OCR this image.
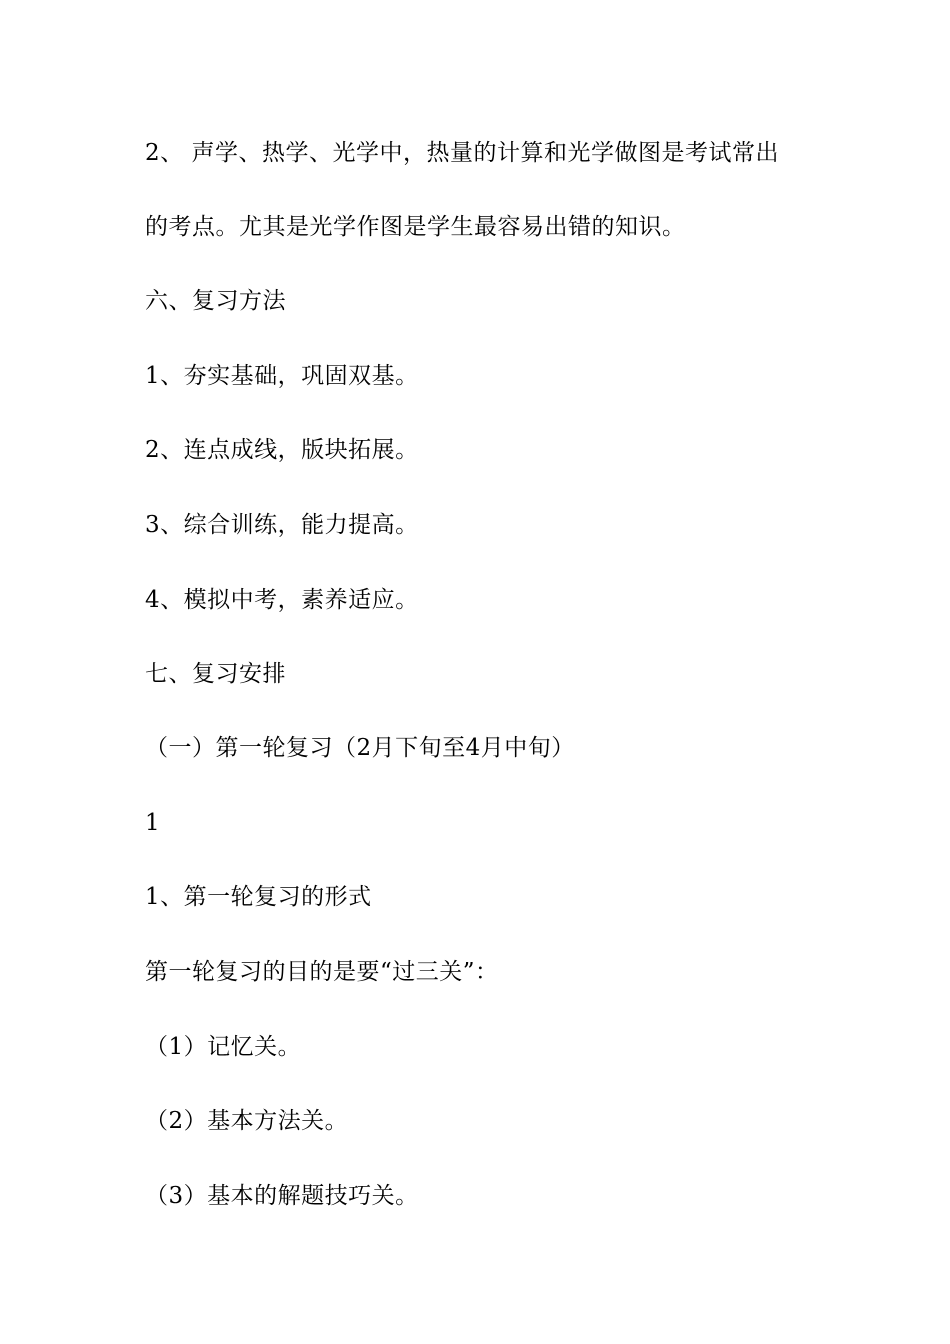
2、 声学、热学、光学中，热量的计算和光学做图是考试常出
的考点。尤其是光学作图是学生最容易出错的知识。
六、复习方法
1、夯实基础，巩固双基。
2、连点成线，版块拓展。
3、综合训练，能力提高。
4、模拟中考，素养适应。
七、复习安排
（一）第一轮复习（2月下旬至4月中旬）
1
1、第一轮复习的形式
第一轮复习的目的是要“过三关”：
（1）记忆关。
（2）基本方法关。
（3）基本的解题技巧关。
